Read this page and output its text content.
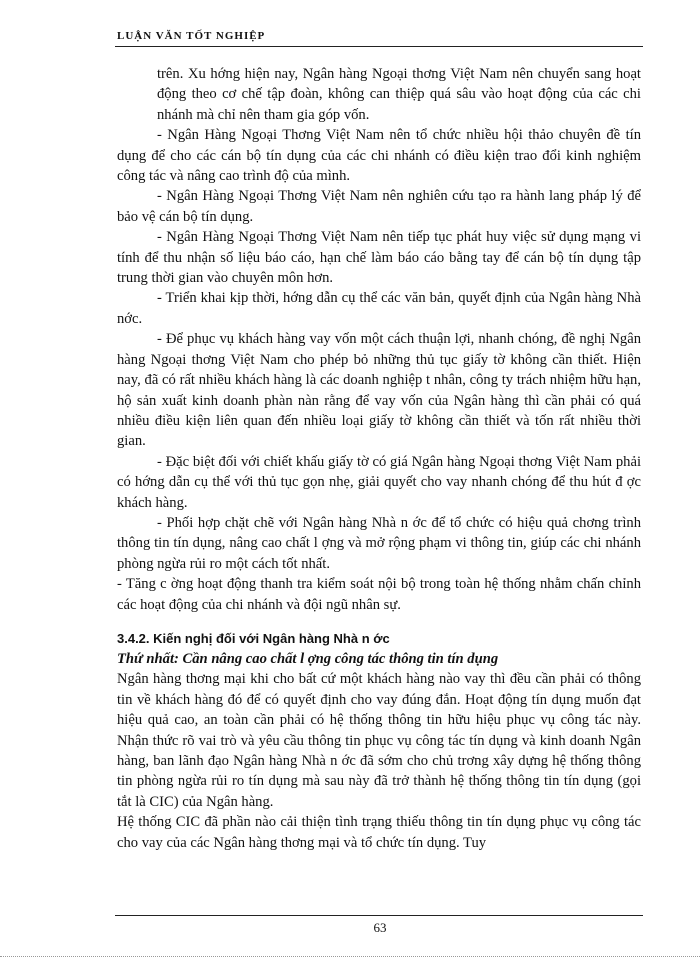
LUẬN VĂN TỐT NGHIỆP

trên. Xu hớng hiện nay, Ngân hàng Ngoại thơng Việt Nam nên chuyển sang hoạt động theo cơ chế tập đoàn, không can thiệp quá sâu vào hoạt động của các chi nhánh mà chỉ nên tham gia góp vốn.

- Ngân Hàng Ngoại Thơng Việt Nam nên tổ chức nhiều hội thảo chuyên đề tín dụng để cho các cán bộ tín dụng của các chi nhánh có điều kiện trao đổi kinh nghiệm công tác và nâng cao trình độ của mình.

- Ngân Hàng Ngoại Thơng Việt Nam nên nghiên cứu tạo ra hành lang pháp lý để bảo vệ cán bộ tín dụng.

- Ngân Hàng Ngoại Thơng Việt Nam nên tiếp tục phát huy việc sử dụng mạng vi tính để thu nhận số liệu báo cáo, hạn chế làm báo cáo bằng tay để cán bộ tín dụng tập trung thời gian vào chuyên môn hơn.

- Triển khai kịp thời, hớng dẫn cụ thể các văn bản, quyết định của Ngân hàng Nhà nớc.

- Để phục vụ khách hàng vay vốn một cách thuận lợi, nhanh chóng, đề nghị Ngân hàng Ngoại thơng Việt Nam cho phép bỏ những thủ tục giấy tờ không cần thiết. Hiện nay, đã có rất nhiều khách hàng là các doanh nghiệp t nhân, công ty trách nhiệm hữu hạn, hộ sản xuất kinh doanh phàn nàn rằng để vay vốn của Ngân hàng thì cần phải có quá nhiều điều kiện liên quan đến nhiều loại giấy tờ không cần thiết và tốn rất nhiều thời gian.

- Đặc biệt đối với chiết khấu giấy tờ có giá Ngân hàng Ngoại thơng Việt Nam phải có hớng dẫn cụ thể với thủ tục gọn nhẹ, giải quyết cho vay nhanh chóng để thu hút đ ợc khách hàng.

- Phối hợp chặt chẽ với Ngân hàng Nhà n ớc để tổ chức có hiệu quả chơng trình thông tin tín dụng, nâng cao chất l ợng và mở rộng phạm vi thông tin, giúp các chi nhánh phòng ngừa rủi ro một cách tốt nhất.

- Tăng c ờng hoạt động thanh tra kiểm soát nội bộ trong toàn hệ thống nhằm chấn chỉnh các hoạt động của chi nhánh và đội ngũ nhân sự.

3.4.2. Kiến nghị đối với Ngân hàng Nhà n ớc

Thứ nhất: Cần nâng cao chất l ợng công tác thông tin tín dụng

Ngân hàng thơng mại khi cho bất cứ một khách hàng nào vay thì đều cần phải có thông tin về khách hàng đó để có quyết định cho vay đúng đắn. Hoạt động tín dụng muốn đạt hiệu quả cao, an toàn cần phải có hệ thống thông tin hữu hiệu phục vụ công tác này. Nhận thức rõ vai trò và yêu cầu thông tin phục vụ công tác tín dụng và kinh doanh Ngân hàng, ban lãnh đạo Ngân hàng Nhà n ớc đã sớm cho chủ trơng xây dựng hệ thống thông tin phòng ngừa rủi ro tín dụng mà sau này đã trở thành hệ thống thông tin tín dụng (gọi tắt là CIC) của Ngân hàng.

Hệ thống CIC đã phần nào cải thiện tình trạng thiếu thông tin tín dụng phục vụ công tác cho vay của các Ngân hàng thơng mại và tổ chức tín dụng. Tuy

63
